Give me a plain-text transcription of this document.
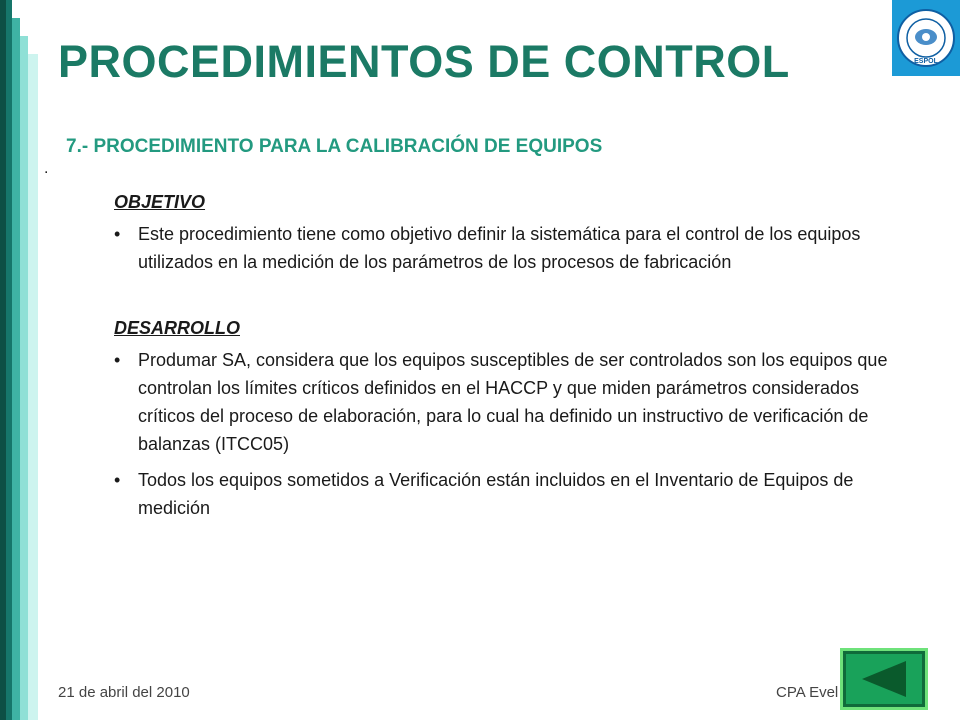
PROCEDIMIENTOS DE CONTROL	ESPOL
7.- PROCEDIMIENTO PARA LA CALIBRACIÓN DE EQUIPOS
.

OBJETIVO

• Este procedimiento tiene como objetivo definir la sistemática para el control de los equipos utilizados en la medición de los parámetros de los procesos de fabricación

DESARROLLO

• Produmar SA, considera que los equipos susceptibles de ser controlados son los equipos que controlan los límites críticos definidos en el HACCP y que miden parámetros considerados críticos del proceso de elaboración, para lo cual ha definido un instructivo de verificación de balanzas (ITCC05)
• Todos los equipos sometidos a Verificación están incluidos en el Inventario de Equipos de medición
21 de abril del 2010	CPA Evel
